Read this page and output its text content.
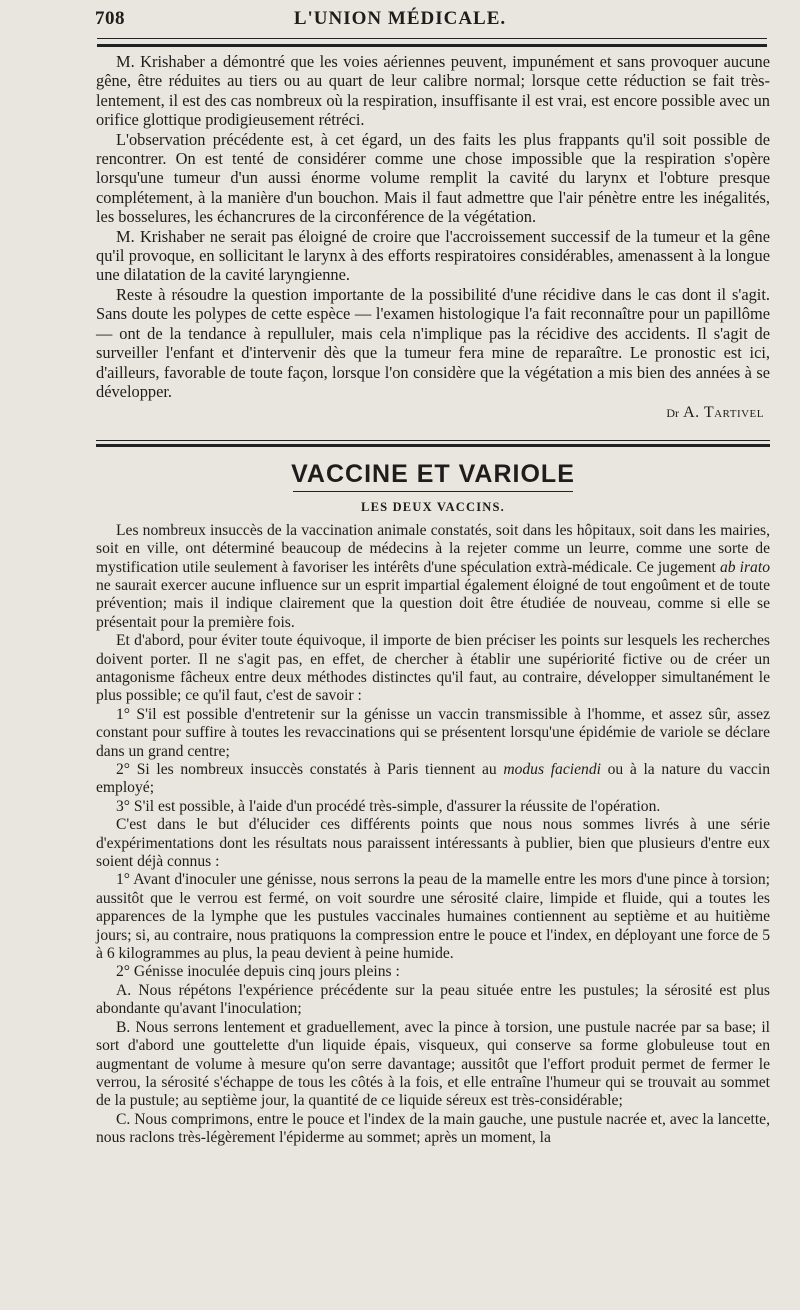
708	L'UNION MÉDICALE.

M. Krishaber a démontré que les voies aériennes peuvent, impunément et sans provoquer aucune gêne, être réduites au tiers ou au quart de leur calibre normal; lorsque cette réduction se fait très-lentement, il est des cas nombreux où la respiration, insuffisante il est vrai, est encore possible avec un orifice glottique prodigieusement rétréci.

L'observation précédente est, à cet égard, un des faits les plus frappants qu'il soit possible de rencontrer. On est tenté de considérer comme une chose impossible que la respiration s'opère lorsqu'une tumeur d'un aussi énorme volume remplit la cavité du larynx et l'obture presque complétement, à la manière d'un bouchon. Mais il faut admettre que l'air pénètre entre les inégalités, les bosselures, les échancrures de la circonférence de la végétation.

M. Krishaber ne serait pas éloigné de croire que l'accroissement successif de la tumeur et la gêne qu'il provoque, en sollicitant le larynx à des efforts respiratoires considérables, amenassent à la longue une dilatation de la cavité laryngienne.

Reste à résoudre la question importante de la possibilité d'une récidive dans le cas dont il s'agit. Sans doute les polypes de cette espèce — l'examen histologique l'a fait reconnaître pour un papillôme — ont de la tendance à repulluler, mais cela n'implique pas la récidive des accidents. Il s'agit de surveiller l'enfant et d'intervenir dès que la tumeur fera mine de reparaître. Le pronostic est ici, d'ailleurs, favorable de toute façon, lorsque l'on considère que la végétation a mis bien des années à se développer.

Dr A. Tartivel
VACCINE ET VARIOLE
LES DEUX VACCINS.

Les nombreux insuccès de la vaccination animale constatés, soit dans les hôpitaux, soit dans les mairies, soit en ville, ont déterminé beaucoup de médecins à la rejeter comme un leurre, comme une sorte de mystification utile seulement à favoriser les intérêts d'une spéculation extrà-médicale. Ce jugement ab irato ne saurait exercer aucune influence sur un esprit impartial également éloigné de tout engoûment et de toute prévention; mais il indique clairement que la question doit être étudiée de nouveau, comme si elle se présentait pour la première fois.

Et d'abord, pour éviter toute équivoque, il importe de bien préciser les points sur lesquels les recherches doivent porter. Il ne s'agit pas, en effet, de chercher à établir une supériorité fictive ou de créer un antagonisme fâcheux entre deux méthodes distinctes qu'il faut, au contraire, développer simultanément le plus possible; ce qu'il faut, c'est de savoir :

1° S'il est possible d'entretenir sur la génisse un vaccin transmissible à l'homme, et assez sûr, assez constant pour suffire à toutes les revaccinations qui se présentent lorsqu'une épidémie de variole se déclare dans un grand centre;

2° Si les nombreux insuccès constatés à Paris tiennent au modus faciendi ou à la nature du vaccin employé;

3° S'il est possible, à l'aide d'un procédé très-simple, d'assurer la réussite de l'opération.

C'est dans le but d'élucider ces différents points que nous nous sommes livrés à une série d'expérimentations dont les résultats nous paraissent intéressants à publier, bien que plusieurs d'entre eux soient déjà connus :

1° Avant d'inoculer une génisse, nous serrons la peau de la mamelle entre les mors d'une pince à torsion; aussitôt que le verrou est fermé, on voit sourdre une sérosité claire, limpide et fluide, qui a toutes les apparences de la lymphe que les pustules vaccinales humaines contiennent au septième et au huitième jours; si, au contraire, nous pratiquons la compression entre le pouce et l'index, en déployant une force de 5 à 6 kilogrammes au plus, la peau devient à peine humide.

2° Génisse inoculée depuis cinq jours pleins :

A. Nous répétons l'expérience précédente sur la peau située entre les pustules; la sérosité est plus abondante qu'avant l'inoculation;

B. Nous serrons lentement et graduellement, avec la pince à torsion, une pustule nacrée par sa base; il sort d'abord une gouttelette d'un liquide épais, visqueux, qui conserve sa forme globuleuse tout en augmentant de volume à mesure qu'on serre davantage; aussitôt que l'effort produit permet de fermer le verrou, la sérosité s'échappe de tous les côtés à la fois, et elle entraîne l'humeur qui se trouvait au sommet de la pustule; au septième jour, la quantité de ce liquide séreux est très-considérable;

C. Nous comprimons, entre le pouce et l'index de la main gauche, une pustule nacrée et, avec la lancette, nous raclons très-légèrement l'épiderme au sommet; après un moment, la
